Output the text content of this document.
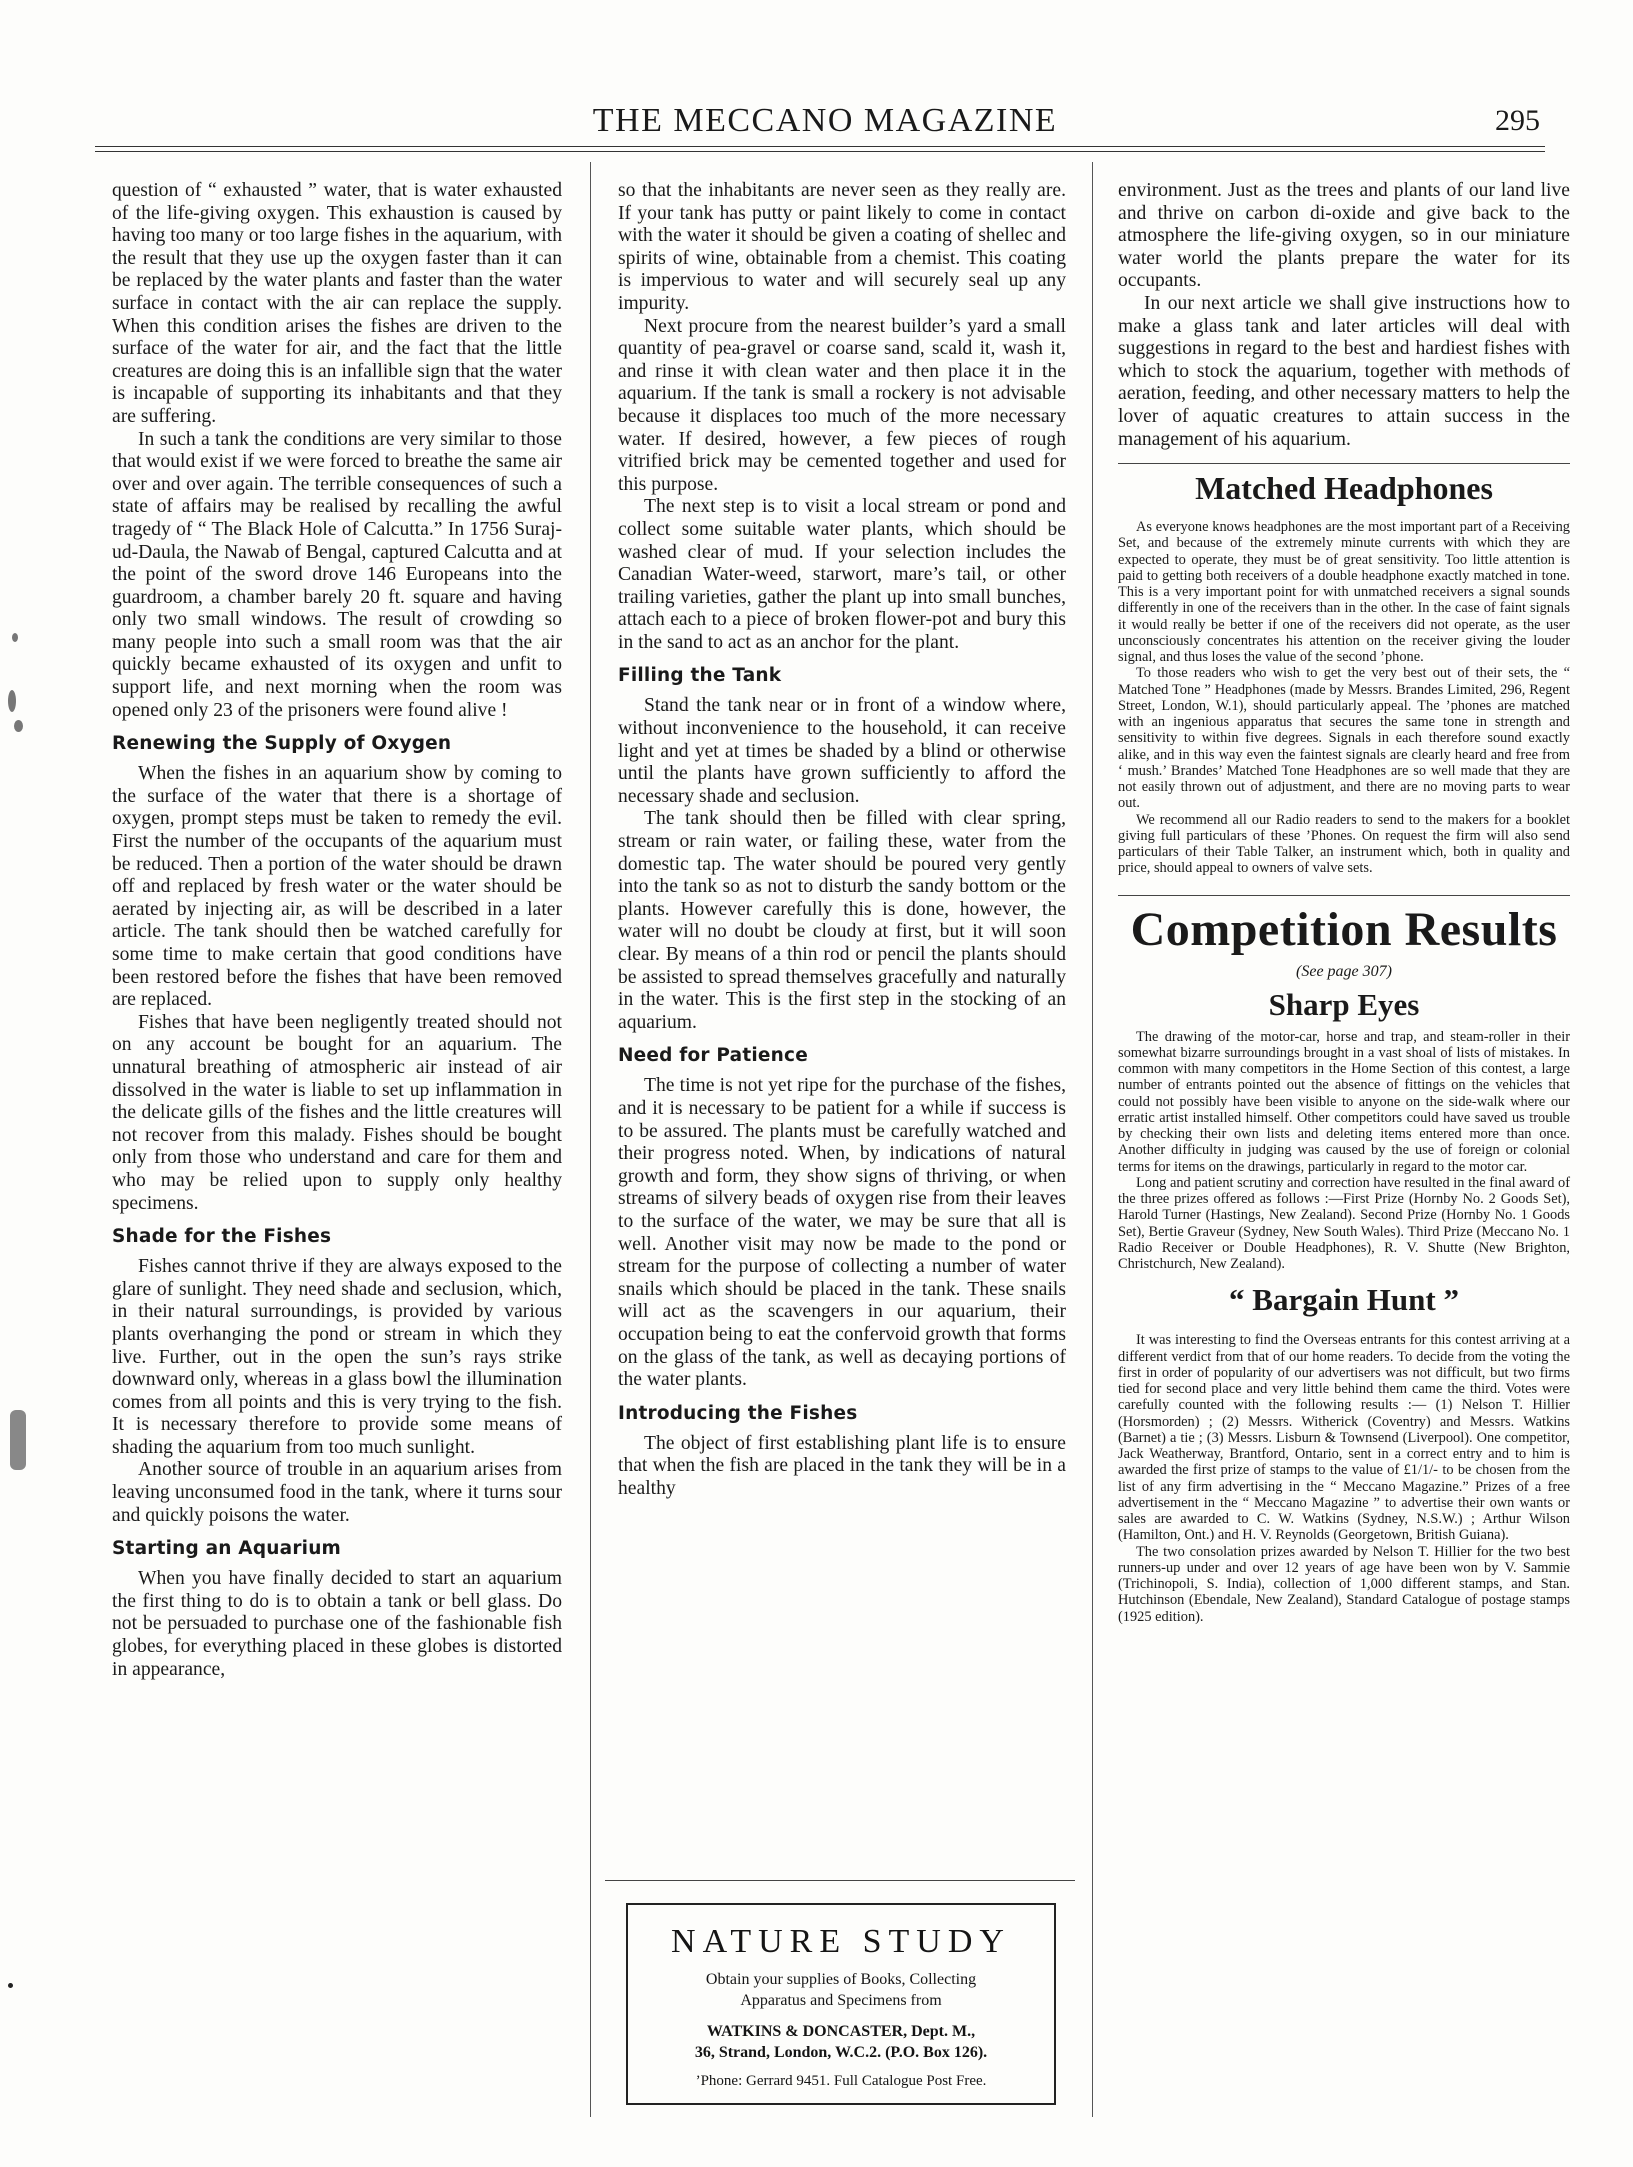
THE MECCANO MAGAZINE	295

question of “ exhausted ” water, that is water exhausted of the life-giving oxygen. This exhaustion is caused by having too many or too large fishes in the aquarium, with the result that they use up the oxygen faster than it can be replaced by the water plants and faster than the water surface in contact with the air can replace the supply. When this condition arises the fishes are driven to the surface of the water for air, and the fact that the little creatures are doing this is an infallible sign that the water is incapable of supporting its inhabitants and that they are suffering.

In such a tank the conditions are very similar to those that would exist if we were forced to breathe the same air over and over again. The terrible consequences of such a state of affairs may be realised by recalling the awful tragedy of “ The Black Hole of Calcutta.” In 1756 Suraj-ud-Daula, the Nawab of Bengal, captured Calcutta and at the point of the sword drove 146 Europeans into the guardroom, a chamber barely 20 ft. square and having only two small windows. The result of crowding so many people into such a small room was that the air quickly became exhausted of its oxygen and unfit to support life, and next morning when the room was opened only 23 of the prisoners were found alive !

Renewing the Supply of Oxygen

When the fishes in an aquarium show by coming to the surface of the water that there is a shortage of oxygen, prompt steps must be taken to remedy the evil. First the number of the occupants of the aquarium must be reduced. Then a portion of the water should be drawn off and replaced by fresh water or the water should be aerated by injecting air, as will be described in a later article. The tank should then be watched carefully for some time to make certain that good conditions have been restored before the fishes that have been removed are replaced.

Fishes that have been negligently treated should not on any account be bought for an aquarium. The unnatural breathing of atmospheric air instead of air dissolved in the water is liable to set up inflammation in the delicate gills of the fishes and the little creatures will not recover from this malady. Fishes should be bought only from those who understand and care for them and who may be relied upon to supply only healthy specimens.

Shade for the Fishes

Fishes cannot thrive if they are always exposed to the glare of sunlight. They need shade and seclusion, which, in their natural surroundings, is provided by various plants overhanging the pond or stream in which they live. Further, out in the open the sun’s rays strike downward only, whereas in a glass bowl the illumination comes from all points and this is very trying to the fish. It is necessary therefore to provide some means of shading the aquarium from too much sunlight.

Another source of trouble in an aquarium arises from leaving unconsumed food in the tank, where it turns sour and quickly poisons the water.

Starting an Aquarium

When you have finally decided to start an aquarium the first thing to do is to obtain a tank or bell glass. Do not be persuaded to purchase one of the fashionable fish globes, for everything placed in these globes is distorted in appearance,

so that the inhabitants are never seen as they really are. If your tank has putty or paint likely to come in contact with the water it should be given a coating of shellec and spirits of wine, obtainable from a chemist. This coating is impervious to water and will securely seal up any impurity.

Next procure from the nearest builder’s yard a small quantity of pea-gravel or coarse sand, scald it, wash it, and rinse it with clean water and then place it in the aquarium. If the tank is small a rockery is not advisable because it displaces too much of the more necessary water. If desired, however, a few pieces of rough vitrified brick may be cemented together and used for this purpose.

The next step is to visit a local stream or pond and collect some suitable water plants, which should be washed clear of mud. If your selection includes the Canadian Water-weed, starwort, mare’s tail, or other trailing varieties, gather the plant up into small bunches, attach each to a piece of broken flower-pot and bury this in the sand to act as an anchor for the plant.

Filling the Tank

Stand the tank near or in front of a window where, without inconvenience to the household, it can receive light and yet at times be shaded by a blind or otherwise until the plants have grown sufficiently to afford the necessary shade and seclusion.

The tank should then be filled with clear spring, stream or rain water, or failing these, water from the domestic tap. The water should be poured very gently into the tank so as not to disturb the sandy bottom or the plants. However carefully this is done, however, the water will no doubt be cloudy at first, but it will soon clear. By means of a thin rod or pencil the plants should be assisted to spread themselves gracefully and naturally in the water. This is the first step in the stocking of an aquarium.

Need for Patience

The time is not yet ripe for the purchase of the fishes, and it is necessary to be patient for a while if success is to be assured. The plants must be carefully watched and their progress noted. When, by indications of natural growth and form, they show signs of thriving, or when streams of silvery beads of oxygen rise from their leaves to the surface of the water, we may be sure that all is well. Another visit may now be made to the pond or stream for the purpose of collecting a number of water snails which should be placed in the tank. These snails will act as the scavengers in our aquarium, their occupation being to eat the confervoid growth that forms on the glass of the tank, as well as decaying portions of the water plants.

Introducing the Fishes

The object of first establishing plant life is to ensure that when the fish are placed in the tank they will be in a healthy

NATURE STUDY
Obtain your supplies of Books, Collecting
Apparatus and Specimens from
WATKINS & DONCASTER, Dept. M.,
36, Strand, London, W.C.2. (P.O. Box 126).
’Phone: Gerrard 9451. Full Catalogue Post Free.

environment. Just as the trees and plants of our land live and thrive on carbon di-oxide and give back to the atmosphere the life-giving oxygen, so in our miniature water world the plants prepare the water for its occupants.

In our next article we shall give instructions how to make a glass tank and later articles will deal with suggestions in regard to the best and hardiest fishes with which to stock the aquarium, together with methods of aeration, feeding, and other necessary matters to help the lover of aquatic creatures to attain success in the management of his aquarium.

Matched Headphones

As everyone knows headphones are the most important part of a Receiving Set, and because of the extremely minute currents with which they are expected to operate, they must be of great sensitivity. Too little attention is paid to getting both receivers of a double headphone exactly matched in tone. This is a very important point for with unmatched receivers a signal sounds differently in one of the receivers than in the other. In the case of faint signals it would really be better if one of the receivers did not operate, as the user unconsciously concentrates his attention on the receiver giving the louder signal, and thus loses the value of the second ’phone.

To those readers who wish to get the very best out of their sets, the “ Matched Tone ” Headphones (made by Messrs. Brandes Limited, 296, Regent Street, London, W.1), should particularly appeal. The ’phones are matched with an ingenious apparatus that secures the same tone in strength and sensitivity to within five degrees. Signals in each therefore sound exactly alike, and in this way even the faintest signals are clearly heard and free from ‘ mush.’ Brandes’ Matched Tone Headphones are so well made that they are not easily thrown out of adjustment, and there are no moving parts to wear out.

We recommend all our Radio readers to send to the makers for a booklet giving full particulars of these ’Phones. On request the firm will also send particulars of their Table Talker, an instrument which, both in quality and price, should appeal to owners of valve sets.

Competition Results
(See page 307)
Sharp Eyes

The drawing of the motor-car, horse and trap, and steam-roller in their somewhat bizarre surroundings brought in a vast shoal of lists of mistakes. In common with many competitors in the Home Section of this contest, a large number of entrants pointed out the absence of fittings on the vehicles that could not possibly have been visible to anyone on the side-walk where our erratic artist installed himself. Other competitors could have saved us trouble by checking their own lists and deleting items entered more than once. Another difficulty in judging was caused by the use of foreign or colonial terms for items on the drawings, particularly in regard to the motor car.

Long and patient scrutiny and correction have resulted in the final award of the three prizes offered as follows :—First Prize (Hornby No. 2 Goods Set), Harold Turner (Hastings, New Zealand). Second Prize (Hornby No. 1 Goods Set), Bertie Graveur (Sydney, New South Wales). Third Prize (Meccano No. 1 Radio Receiver or Double Headphones), R. V. Shutte (New Brighton, Christchurch, New Zealand).

“ Bargain Hunt ”

It was interesting to find the Overseas entrants for this contest arriving at a different verdict from that of our home readers. To decide from the voting the first in order of popularity of our advertisers was not difficult, but two firms tied for second place and very little behind them came the third. Votes were carefully counted with the following results :— (1) Nelson T. Hillier (Horsmorden) ; (2) Messrs. Witherick (Coventry) and Messrs. Watkins (Barnet) a tie ; (3) Messrs. Lisburn & Townsend (Liverpool). One competitor, Jack Weatherway, Brantford, Ontario, sent in a correct entry and to him is awarded the first prize of stamps to the value of £1/1/- to be chosen from the list of any firm advertising in the “ Meccano Magazine.” Prizes of a free advertisement in the “ Meccano Magazine ” to advertise their own wants or sales are awarded to C. W. Watkins (Sydney, N.S.W.) ; Arthur Wilson (Hamilton, Ont.) and H. V. Reynolds (Georgetown, British Guiana).

The two consolation prizes awarded by Nelson T. Hillier for the two best runners-up under and over 12 years of age have been won by V. Sammie (Trichinopoli, S. India), collection of 1,000 different stamps, and Stan. Hutchinson (Ebendale, New Zealand), Standard Catalogue of postage stamps (1925 edition).
